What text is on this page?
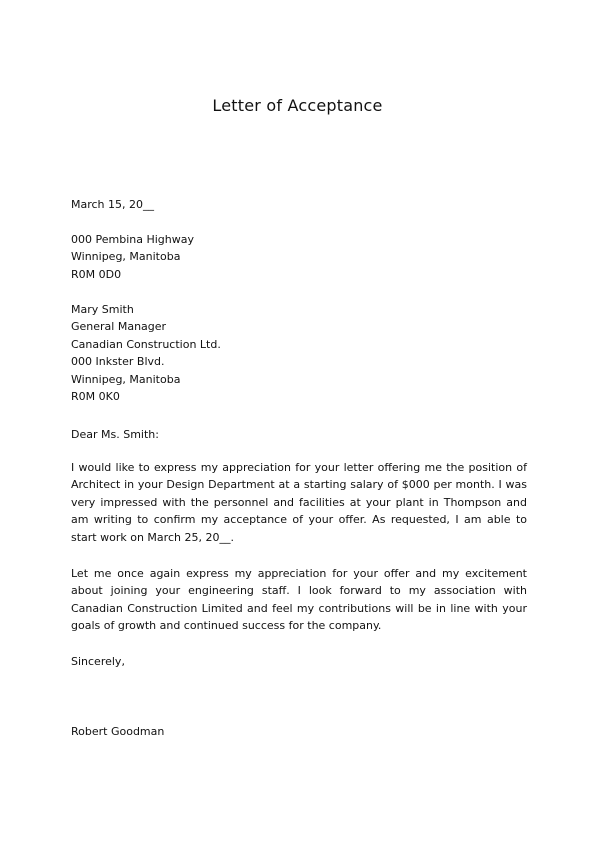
Letter of Acceptance

March 15, 20__

000 Pembina Highway
Winnipeg, Manitoba
R0M 0D0
Mary Smith
General Manager
Canadian Construction Ltd.
000 Inkster Blvd.
Winnipeg, Manitoba
R0M 0K0

Dear Ms. Smith:

I would like to express my appreciation for your letter offering me the position of Architect in your Design Department at a starting salary of $000 per month. I was very impressed with the personnel and facilities at your plant in Thompson and am writing to confirm my acceptance of your offer. As requested, I am able to start work on March 25, 20__.

Let me once again express my appreciation for your offer and my excitement about joining your engineering staff. I look forward to my association with Canadian Construction Limited and feel my contributions will be in line with your goals of growth and continued success for the company.

Sincerely,

Robert Goodman
